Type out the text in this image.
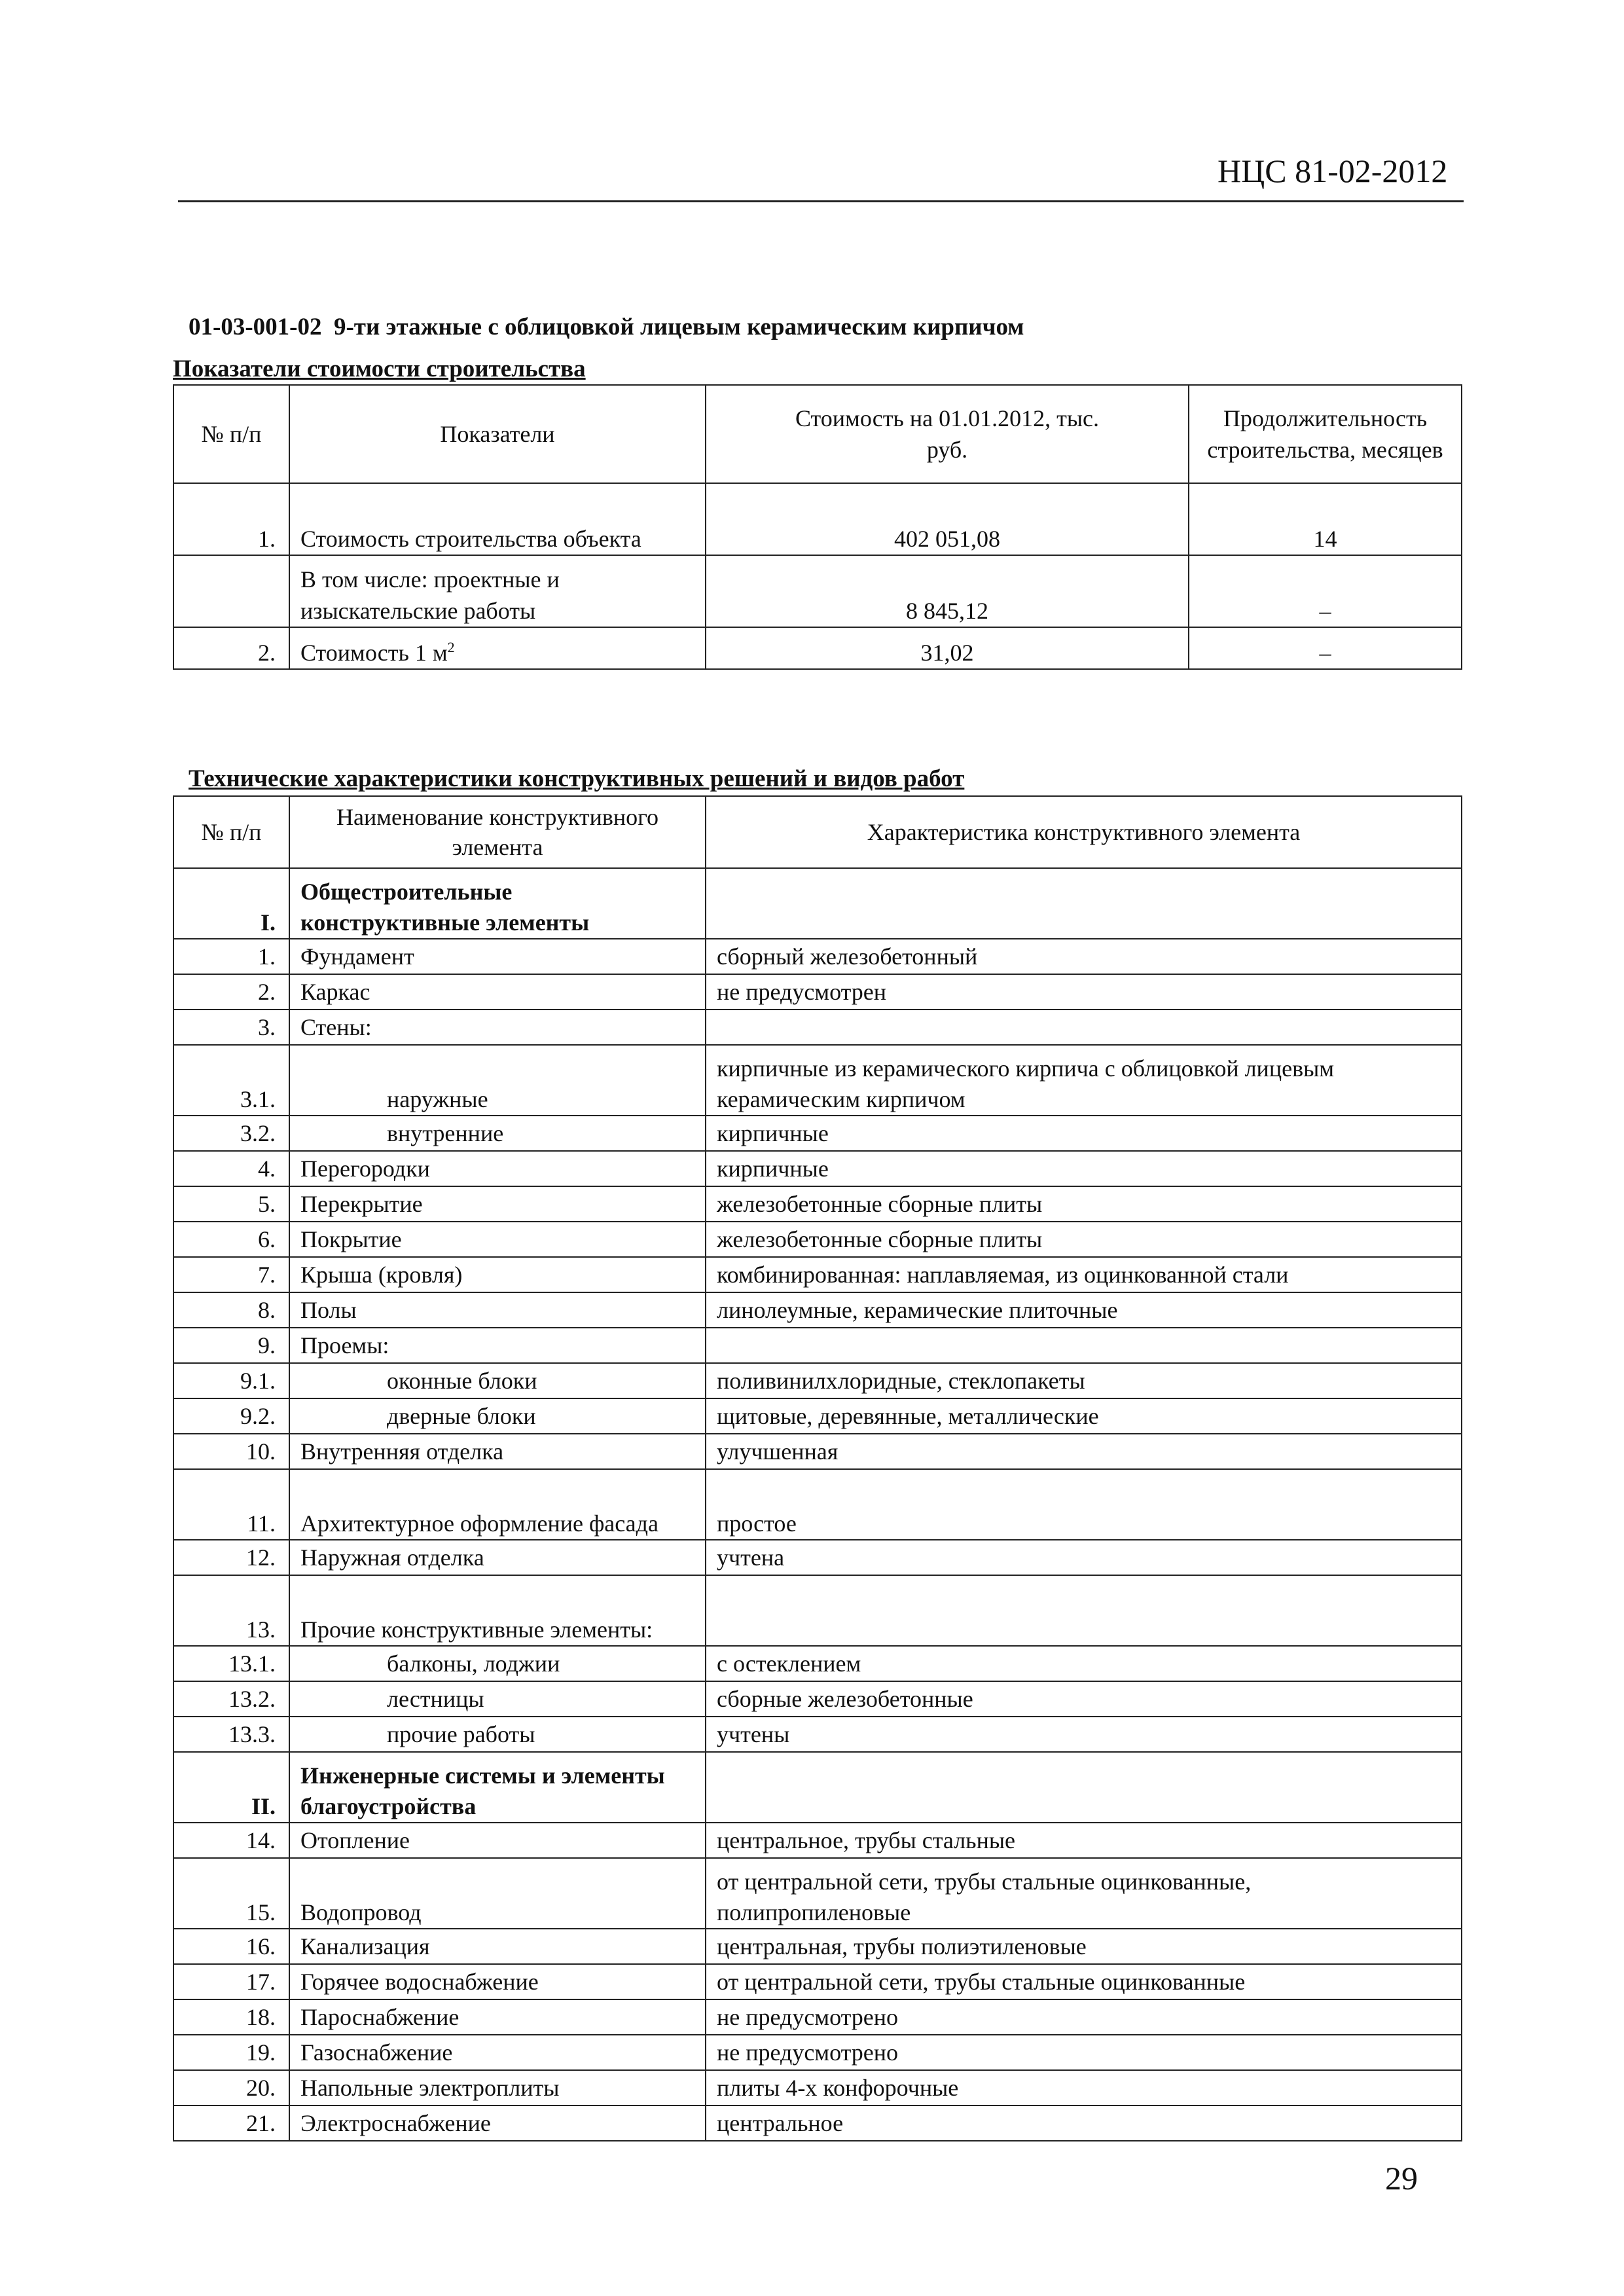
НЦС 81-02-2012
01-03-001-02 9-ти этажные с облицовкой лицевым керамическим кирпичом
Показатели стоимости строительства
№ п/п	Показатели	Стоимость на 01.01.2012, тыс. руб.	Продолжительность строительства, месяцев
1.	Стоимость строительства объекта	402 051,08	14
	В том числе: проектные и изыскательские работы	8 845,12	–
2.	Стоимость 1 $м^2$	31,02	–
Технические характеристики конструктивных решений и видов работ
№ п/п	Наименование конструктивного элемента	Характеристика конструктивного элемента
I.	Общестроительные конструктивные элементы	
1.	Фундамент	сборный железобетонный
2.	Каркас	не предусмотрен
3.	Стены:	
3.1.	наружные	кирпичные из керамического кирпича с облицовкой лицевым керамическим кирпичом
3.2.	внутренние	кирпичные
4.	Перегородки	кирпичные
5.	Перекрытие	железобетонные сборные плиты
6.	Покрытие	железобетонные сборные плиты
7.	Крыша (кровля)	комбинированная: наплавляемая, из оцинкованной стали
8.	Полы	линолеумные, керамические плиточные
9.	Проемы:	
9.1.	оконные блоки	поливинилхлоридные, стеклопакеты
9.2.	дверные блоки	щитовые, деревянные, металлические
10.	Внутренняя отделка	улучшенная
11.	Архитектурное оформление фасада	простое
12.	Наружная отделка	учтена
13.	Прочие конструктивные элементы:	
13.1.	балконы, лоджии	с остеклением
13.2.	лестницы	сборные железобетонные
13.3.	прочие работы	учтены
II.	Инженерные системы и элементы благоустройства	
14.	Отопление	центральное, трубы стальные
15.	Водопровод	от центральной сети, трубы стальные оцинкованные, полипропиленовые
16.	Канализация	центральная, трубы полиэтиленовые
17.	Горячее водоснабжение	от центральной сети, трубы стальные оцинкованные
18.	Пароснабжение	не предусмотрено
19.	Газоснабжение	не предусмотрено
20.	Напольные электроплиты	плиты 4-х конфорочные
21.	Электроснабжение	центральное
29
